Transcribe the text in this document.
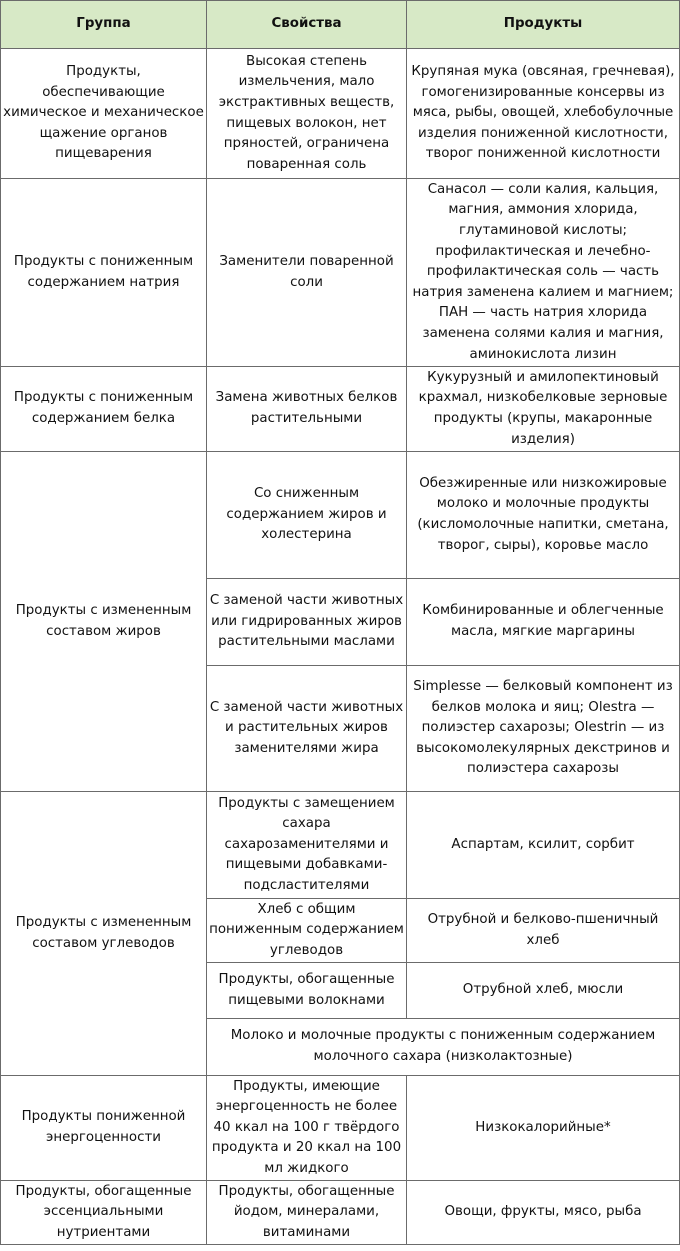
Группа	Свойства	Продукты
Продукты, обеспечивающие химическое и механическое щажение органов пищеварения	Высокая степень измельчения, мало экстрактивных веществ, пищевых волокон, нет пряностей, ограничена поваренная соль	Крупяная мука (овсяная, гречневая), гомогенизированные консервы из мяса, рыбы, овощей, хлебобулочные изделия пониженной кислотности, творог пониженной кислотности
Продукты с пониженным содержанием натрия	Заменители поваренной соли	Санасол — соли калия, кальция, магния, аммония хлорида, глутаминовой кислоты; профилактическая и лечебно-профилактическая соль — часть натрия заменена калием и магнием; ПАН — часть натрия хлорида заменена солями калия и магния, аминокислота лизин
Продукты с пониженным содержанием белка	Замена животных белков растительными	Кукурузный и амилопектиновый крахмал, низкобелковые зерновые продукты (крупы, макаронные изделия)
Продукты с измененным составом жиров	Со сниженным содержанием жиров и холестерина	Обезжиренные или низкожировые молоко и молочные продукты (кисломолочные напитки, сметана, творог, сыры), коровье масло
	С заменой части животных или гидрированных жиров растительными маслами	Комбинированные и облегченные масла, мягкие маргарины
	С заменой части животных и растительных жиров заменителями жира	Simplesse — белковый компонент из белков молока и яиц; Olestra — полиэстер сахарозы; Olestrin — из высокомолекулярных декстринов и полиэстера сахарозы
Продукты с измененным составом углеводов	Продукты с замещением сахара сахарозаменителями и пищевыми добавками-подсластителями	Аспартам, ксилит, сорбит
	Хлеб с общим пониженным содержанием углеводов	Отрубной и белково-пшеничный хлеб
	Продукты, обогащенные пищевыми волокнами	Отрубной хлеб, мюсли
	Молоко и молочные продукты с пониженным содержанием молочного сахара (низколактозные)	
Продукты пониженной энергоценности	Продукты, имеющие энергоценность не более 40 ккал на 100 г твёрдого продукта и 20 ккал на 100 мл жидкого	Низкокалорийные*
Продукты, обогащенные эссенциальными нутриентами	Продукты, обогащенные йодом, минералами, витаминами	Овощи, фрукты, мясо, рыба
